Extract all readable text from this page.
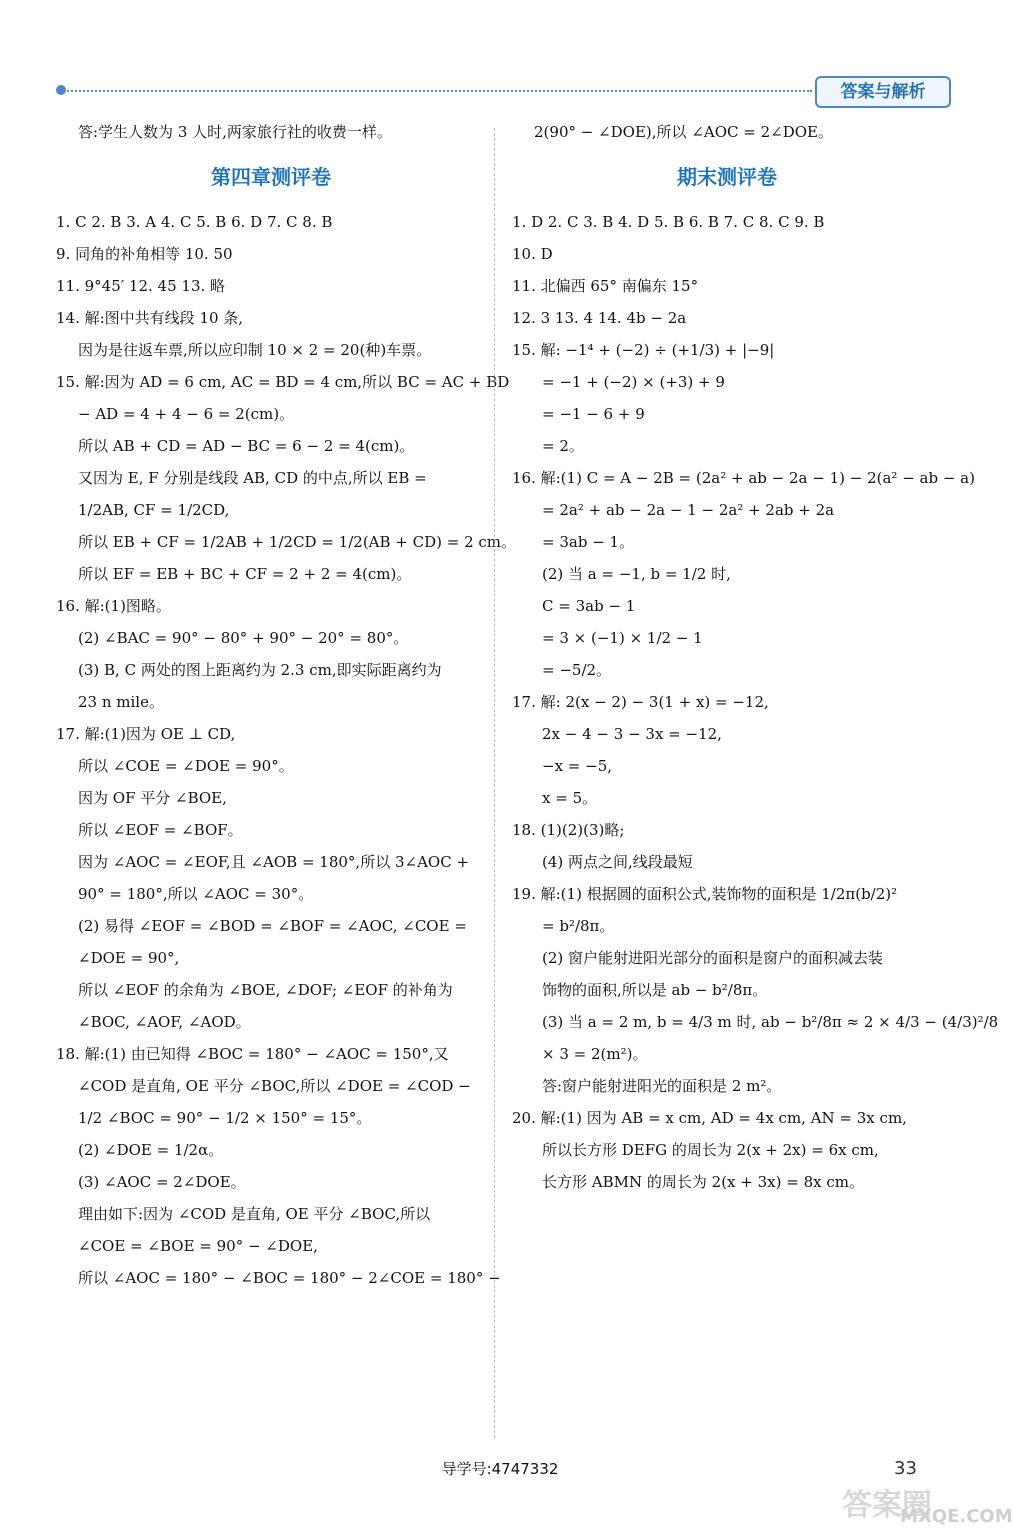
答案与解析
答:学生人数为 3 人时,两家旅行社的收费一样。
第四章测评卷
1. C 2. B 3. A 4. C 5. B 6. D 7. C 8. B
9. 同角的补角相等 10. 50
11. 9°45′ 12. 45 13. 略
14. 解:图中共有线段 10 条,
因为是往返车票,所以应印制 10 × 2 = 20(种)车票。
15. 解:因为 AD = 6 cm, AC = BD = 4 cm,所以 BC = AC + BD
− AD = 4 + 4 − 6 = 2(cm)。
所以 AB + CD = AD − BC = 6 − 2 = 4(cm)。
又因为 E, F 分别是线段 AB, CD 的中点,所以 EB =
1/2AB, CF = 1/2CD,
所以 EB + CF = 1/2AB + 1/2CD = 1/2(AB + CD) = 2 cm。
所以 EF = EB + BC + CF = 2 + 2 = 4(cm)。
16. 解:(1)图略。
(2) ∠BAC = 90° − 80° + 90° − 20° = 80°。
(3) B, C 两处的图上距离约为 2.3 cm,即实际距离约为
23 n mile。
17. 解:(1)因为 OE ⊥ CD,
所以 ∠COE = ∠DOE = 90°。
因为 OF 平分 ∠BOE,
所以 ∠EOF = ∠BOF。
因为 ∠AOC = ∠EOF,且 ∠AOB = 180°,所以 3∠AOC +
90° = 180°,所以 ∠AOC = 30°。
(2) 易得 ∠EOF = ∠BOD = ∠BOF = ∠AOC, ∠COE =
∠DOE = 90°,
所以 ∠EOF 的余角为 ∠BOE, ∠DOF; ∠EOF 的补角为
∠BOC, ∠AOF, ∠AOD。
18. 解:(1) 由已知得 ∠BOC = 180° − ∠AOC = 150°,又
∠COD 是直角, OE 平分 ∠BOC,所以 ∠DOE = ∠COD −
1/2 ∠BOC = 90° − 1/2 × 150° = 15°。
(2) ∠DOE = 1/2α。
(3) ∠AOC = 2∠DOE。
理由如下:因为 ∠COD 是直角, OE 平分 ∠BOC,所以
∠COE = ∠BOE = 90° − ∠DOE,
所以 ∠AOC = 180° − ∠BOC = 180° − 2∠COE = 180° −
2(90° − ∠DOE),所以 ∠AOC = 2∠DOE。
期末测评卷
1. D 2. C 3. B 4. D 5. B 6. B 7. C 8. C 9. B
10. D
11. 北偏西 65° 南偏东 15°
12. 3 13. 4 14. 4b − 2a
15. 解: −1⁴ + (−2) ÷ (+1/3) + |−9|
= −1 + (−2) × (+3) + 9
= −1 − 6 + 9
= 2。
16. 解:(1) C = A − 2B = (2a² + ab − 2a − 1) − 2(a² − ab − a)
= 2a² + ab − 2a − 1 − 2a² + 2ab + 2a
= 3ab − 1。
(2) 当 a = −1, b = 1/2 时,
C = 3ab − 1
= 3 × (−1) × 1/2 − 1
= −5/2。
17. 解: 2(x − 2) − 3(1 + x) = −12,
2x − 4 − 3 − 3x = −12,
−x = −5,
x = 5。
18. (1)(2)(3)略;
(4) 两点之间,线段最短
19. 解:(1) 根据圆的面积公式,装饰物的面积是 1/2π(b/2)²
= b²/8π。
(2) 窗户能射进阳光部分的面积是窗户的面积减去装
饰物的面积,所以是 ab − b²/8π。
(3) 当 a = 2 m, b = 4/3 m 时, ab − b²/8π ≈ 2 × 4/3 − (4/3)²/8
× 3 = 2(m²)。
答:窗户能射进阳光的面积是 2 m²。
20. 解:(1) 因为 AB = x cm, AD = 4x cm, AN = 3x cm,
所以长方形 DEFG 的周长为 2(x + 2x) = 6x cm,
长方形 ABMN 的周长为 2(x + 3x) = 8x cm。
导学号:4747332	33
答案圈
MXQE.COM
